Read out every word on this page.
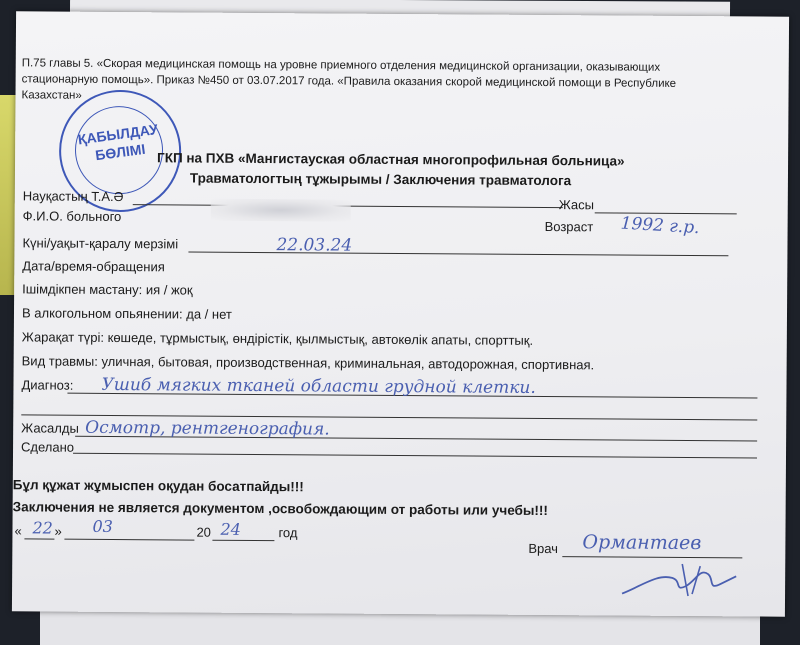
П.75 главы 5. «Скорая медицинская помощь на уровне приемного отделения медицинской организации, оказывающих
стационарную помощь». Приказ №450 от 03.07.2017 года. «Правила оказания скорой медицинской помощи в Республике
Казахстан»
ҚАБЫЛДАУ
БӨЛІМІ ГКП на ПХВ «Мангистауская областная многопрофильная больница»
Травматологтың тұжырымы / Заключения травматолога
Науқастың Т.А.Ә
Ф.И.О. больного
Жасы
Возраст 1992 г.р.
Күні/уақыт-қаралу мерзімі	22.03.24
Дата/время-обращения
Ішімдікпен мастану: ия / жоқ
В алкогольном опьянении: да / нет
Жарақат түрі: көшеде, тұрмыстық, өндірістік, қылмыстық, автокөлік апаты, спорттық.
Вид травмы: уличная, бытовая, производственная, криминальная, автодорожная, спортивная.
Диагноз: Ушиб мягких тканей области грудной клетки.
Жасалды Осмотр, рентгенография.
Сделано
Бұл құжат жұмыспен оқудан босатпайды!!!
Заключения не является документом ,освобождающим от работы или учебы!!!
« 22 » 03	20 24	год
Врач Ормантаев
